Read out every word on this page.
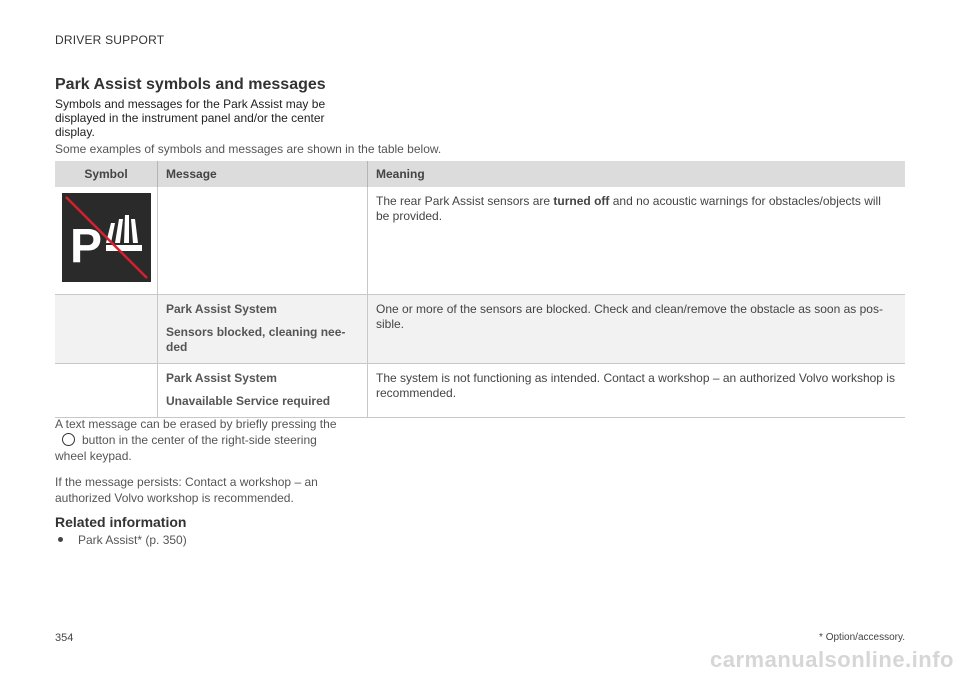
DRIVER SUPPORT
Park Assist symbols and messages
Symbols and messages for the Park Assist may be displayed in the instrument panel and/or the center display.
Some examples of symbols and messages are shown in the table below.
Symbol	Message	Meaning

P		The rear Park Assist sensors are turned off and no acoustic warnings for obstacles/objects will be provided.

	Park Assist System
Sensors blocked, cleaning nee-ded	One or more of the sensors are blocked. Check and clean/remove the obstacle as soon as pos-sible.

	Park Assist System
Unavailable Service required	The system is not functioning as intended. Contact a workshop – an authorized Volvo workshop is recommended.
A text message can be erased by briefly pressing thebutton in the center of the right-side steering wheel keypad.
If the message persists: Contact a workshop – an authorized Volvo workshop is recommended.
Related information
Park Assist* (p. 350)
354	* Option/accessory.
carmanualsonline.info
